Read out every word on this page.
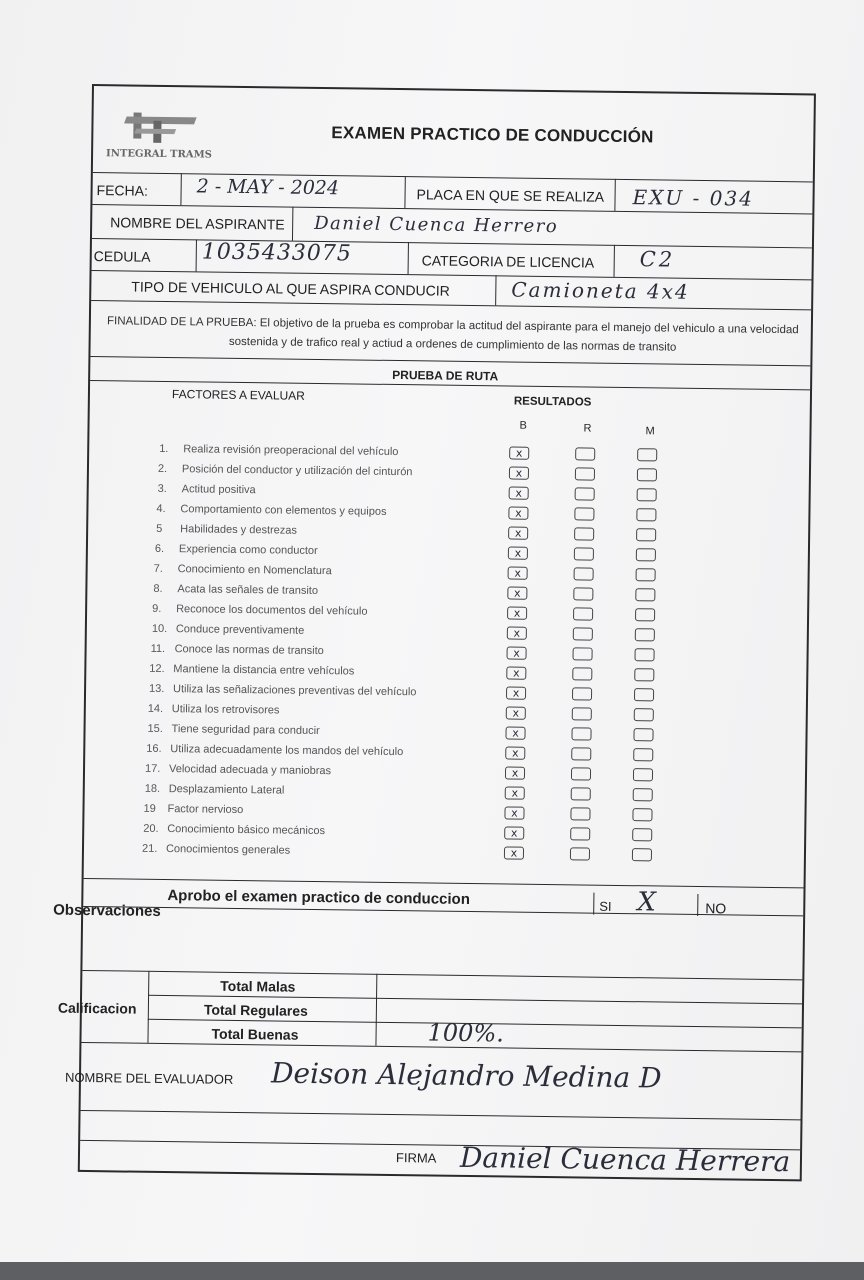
INTEGRAL TRAMS
EXAMEN PRACTICO DE CONDUCCIÓN
FECHA:	2 - MAY - 2024	PLACA EN QUE SE REALIZA EXU - 034
NOMBRE DEL ASPIRANTE Daniel Cuenca Herrero
CEDULA 1035433075	CATEGORIA DE LICENCIA C2
TIPO DE VEHICULO AL QUE ASPIRA CONDUCIR	Camioneta 4x4
FINALIDAD DE LA PRUEBA: El objetivo de la prueba es comprobar la actitud del aspirante para el manejo del vehiculo a una velocidad sostenida y de trafico real y actiud a ordenes de cumplimiento de las normas de transito
PRUEBA DE RUTA
FACTORES A EVALUAR	RESULTADOS
B	R	M
1. Realiza revisión preoperacional del vehículo	x
2. Posición del conductor y utilización del cinturón	x
3. Actitud positiva	x
4. Comportamiento con elementos y equipos	x
5 Habilidades y destrezas	x
6. Experiencia como conductor	x
7. Conocimiento en Nomenclatura	x
8. Acata las señales de transito	x
9. Reconoce los documentos del vehículo	x
10. Conduce preventivamente	x
11. Conoce las normas de transito	x
12. Mantiene la distancia entre vehículos	x
13. Utiliza las señalizaciones preventivas del vehículo	x
14. Utiliza los retrovisores	x
15. Tiene seguridad para conducir	x
16. Utiliza adecuadamente los mandos del vehículo	x
17. Velocidad adecuada y maniobras	x
18. Desplazamiento Lateral	x
19 Factor nervioso	x
20. Conocimiento básico mecánicos	x
21. Conocimientos generales	x
Aprobo el examen practico de conduccion	SI X	NO
Observaciones
Calificacion
Total Malas
Total Regulares
Total Buenas	100%.
NOMBRE DEL EVALUADOR Deison Alejandro Medina D
FIRMA Daniel Cuenca Herrera
